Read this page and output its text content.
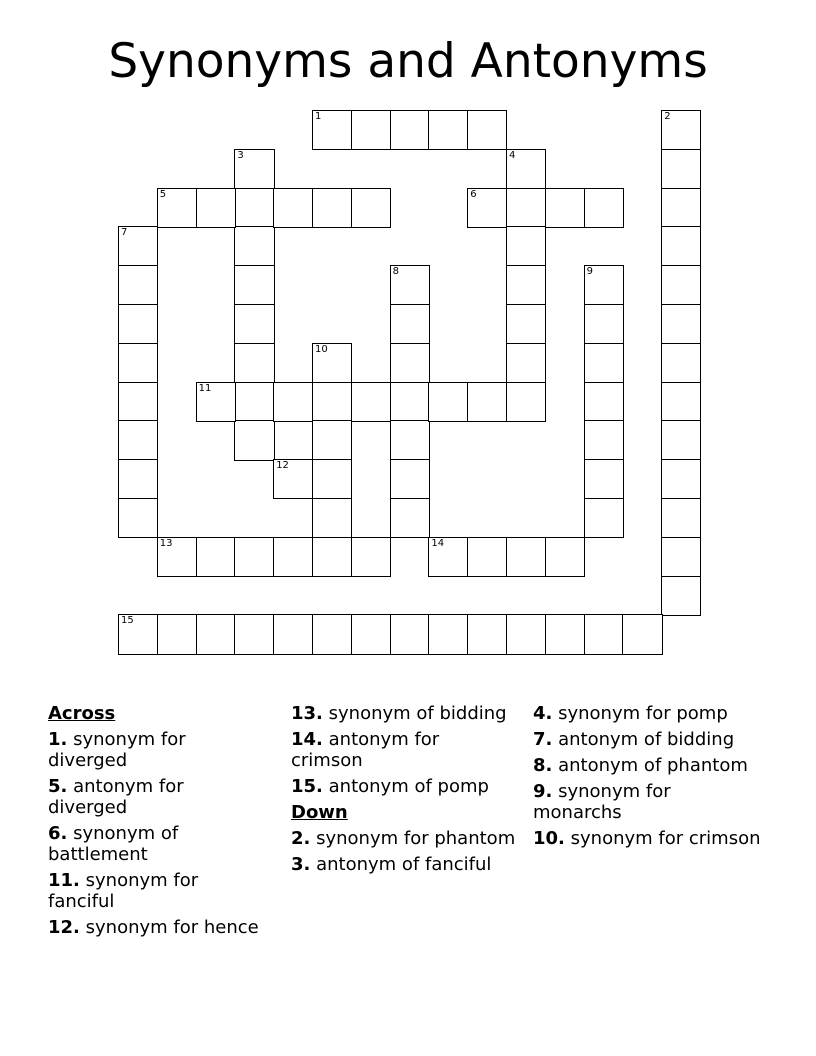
Synonyms and Antonyms
1	2
3	4
5	6
7
8	9
10
11
12
13	14
15
Across
1. synonym for diverged
5. antonym for diverged
6. synonym of battlement
11. synonym for fanciful
12. synonym for hence
13. synonym of bidding
14. antonym for crimson
15. antonym of pomp
Down
2. synonym for phantom
3. antonym of fanciful
4. synonym for pomp
7. antonym of bidding
8. antonym of phantom
9. synonym for monarchs
10. synonym for crimson
